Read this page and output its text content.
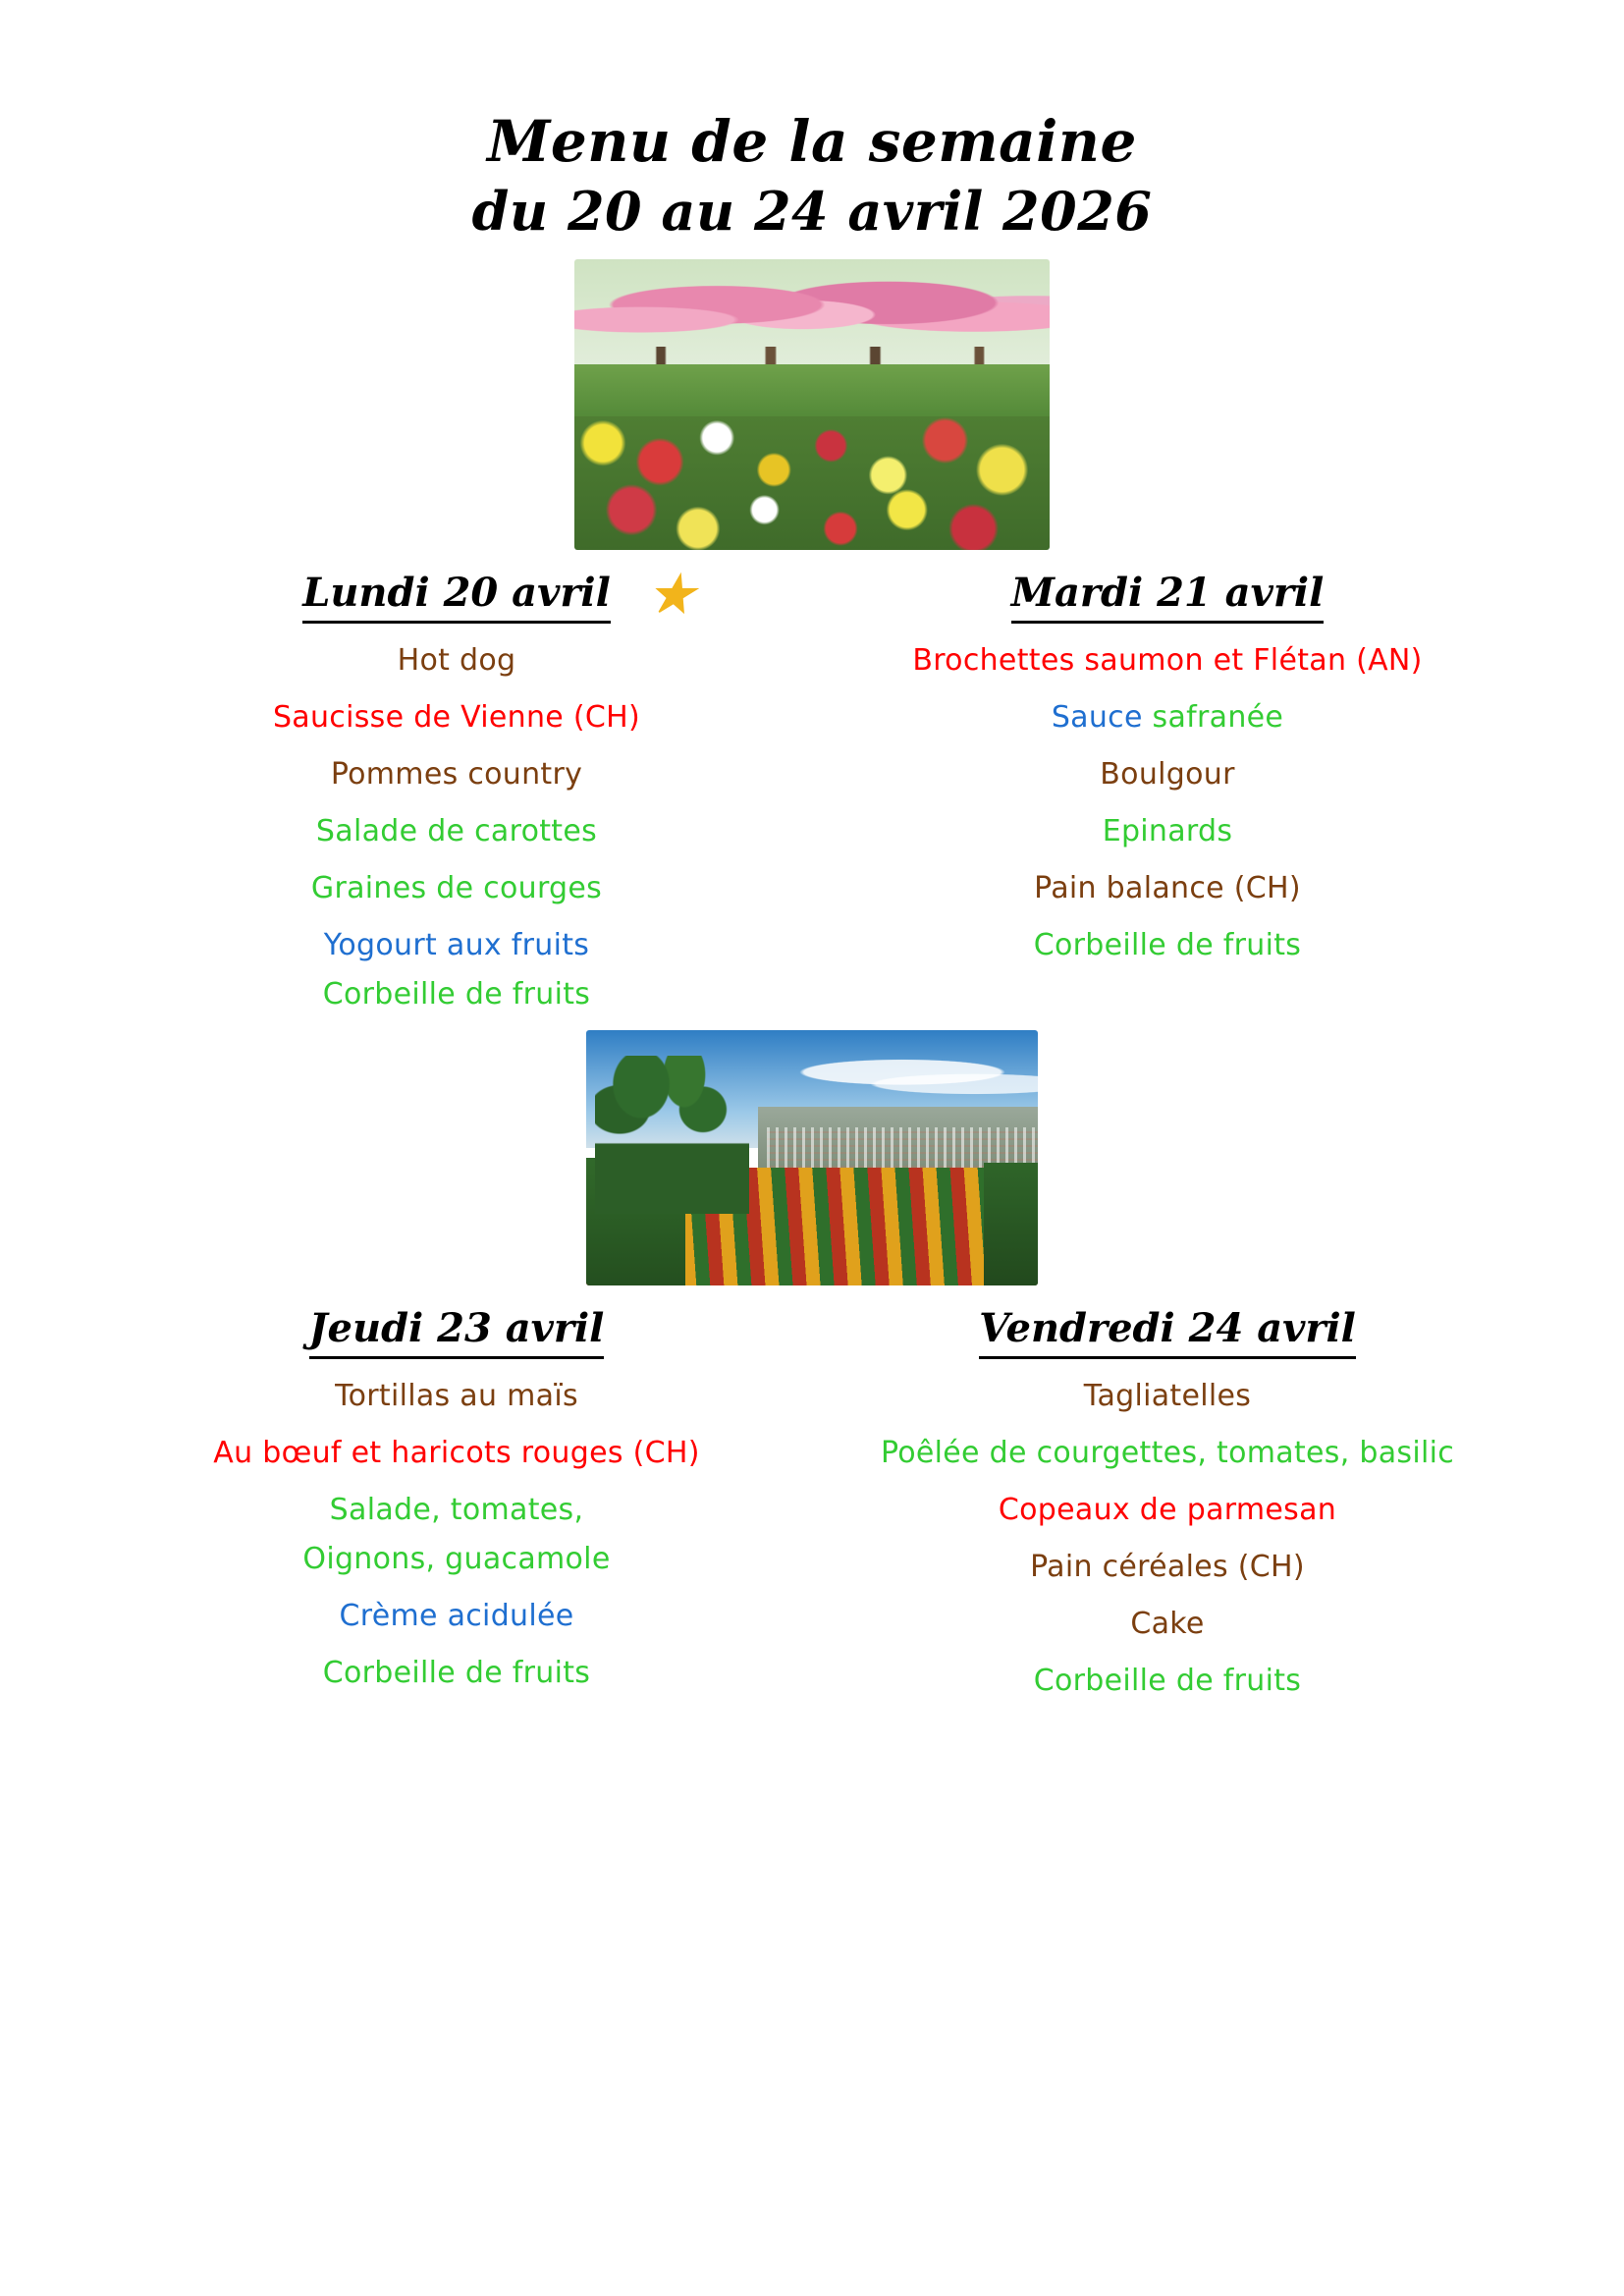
Menu de la semaine
du 20 au 24 avril 2026
Lundi 20 avril ★
Hot dog
Saucisse de Vienne (CH)
Pommes country
Salade de carottes
Graines de courges
Yogourt aux fruits
Corbeille de fruits
Mardi 21 avril
Brochettes saumon et Flétan (AN)
Sauce safranée
Boulgour
Epinards
Pain balance (CH)
Corbeille de fruits
Jeudi 23 avril
Tortillas au maïs
Au bœuf et haricots rouges (CH)
Salade, tomates,
Oignons, guacamole
Crème acidulée
Corbeille de fruits
Vendredi 24 avril
Tagliatelles
Poêlée de courgettes, tomates, basilic
Copeaux de parmesan
Pain céréales (CH)
Cake
Corbeille de fruits
